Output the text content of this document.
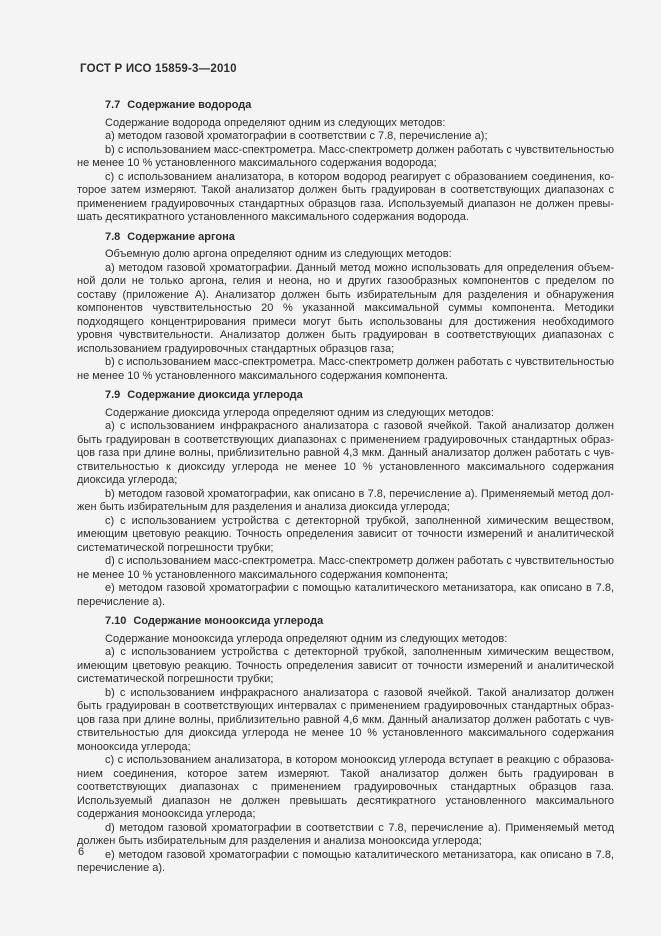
ГОСТ Р ИСО 15859-3—2010
7.7 Содержание водорода

Содержание водорода определяют одним из следующих методов:

a) методом газовой хроматографии в соответствии с 7.8, перечисление а);

b) с использованием масс-спектрометра. Масс-спектрометр должен работать с чувствительностью не менее 10 % установленного максимального содержания водорода;

c) с использованием анализатора, в котором водород реагирует с образованием соединения, которое затем измеряют. Такой анализатор должен быть градуирован в соответствующих диапазонах с применением градуировочных стандартных образцов газа. Используемый диапазон не должен превышать десятикратного установленного максимального содержания водорода.

7.8 Содержание аргона

Объемную долю аргона определяют одним из следующих методов:

a) методом газовой хроматографии. Данный метод можно использовать для определения объемной доли не только аргона, гелия и неона, но и других газообразных компонентов с пределом по составу (приложение А). Анализатор должен быть избирательным для разделения и обнаружения компонентов чувствительностью 20 % указанной максимальной суммы компонента. Методики подходящего концентрирования примеси могут быть использованы для достижения необходимого уровня чувствительности. Анализатор должен быть градуирован в соответствующих диапазонах с использованием градуировочных стандартных образцов газа;

b) с использованием масс-спектрометра. Масс-спектрометр должен работать с чувствительностью не менее 10 % установленного максимального содержания компонента.

7.9 Содержание диоксида углерода

Содержание диоксида углерода определяют одним из следующих методов:

a) с использованием инфракрасного анализатора с газовой ячейкой. Такой анализатор должен быть градуирован в соответствующих диапазонах с применением градуировочных стандартных образцов газа при длине волны, приблизительно равной 4,3 мкм. Данный анализатор должен работать с чувствительностью к диоксиду углерода не менее 10 % установленного максимального содержания диоксида углерода;

b) методом газовой хроматографии, как описано в 7.8, перечисление а). Применяемый метод должен быть избирательным для разделения и анализа диоксида углерода;

c) с использованием устройства с детекторной трубкой, заполненной химическим веществом, имеющим цветовую реакцию. Точность определения зависит от точности измерений и аналитической систематической погрешности трубки;

d) с использованием масс-спектрометра. Масс-спектрометр должен работать с чувствительностью не менее 10 % установленного максимального содержания компонента;

e) методом газовой хроматографии с помощью каталитического метанизатора, как описано в 7.8, перечисление а).

7.10 Содержание монооксида углерода

Содержание монооксида углерода определяют одним из следующих методов:

a) с использованием устройства с детекторной трубкой, заполненным химическим веществом, имеющим цветовую реакцию. Точность определения зависит от точности измерений и аналитической систематической погрешности трубки;

b) с использованием инфракрасного анализатора с газовой ячейкой. Такой анализатор должен быть градуирован в соответствующих интервалах с применением градуировочных стандартных образцов газа при длине волны, приблизительно равной 4,6 мкм. Данный анализатор должен работать с чувствительностью для диоксида углерода не менее 10 % установленного максимального содержания монооксида углерода;

c) с использованием анализатора, в котором монооксид углерода вступает в реакцию с образованием соединения, которое затем измеряют. Такой анализатор должен быть градуирован в соответствующих диапазонах с применением градуировочных стандартных образцов газа. Используемый диапазон не должен превышать десятикратного установленного максимального содержания монооксида углерода;

d) методом газовой хроматографии в соответствии с 7.8, перечисление а). Применяемый метод должен быть избирательным для разделения и анализа монооксида углерода;

e) методом газовой хроматографии с помощью каталитического метанизатора, как описано в 7.8, перечисление а).

6
